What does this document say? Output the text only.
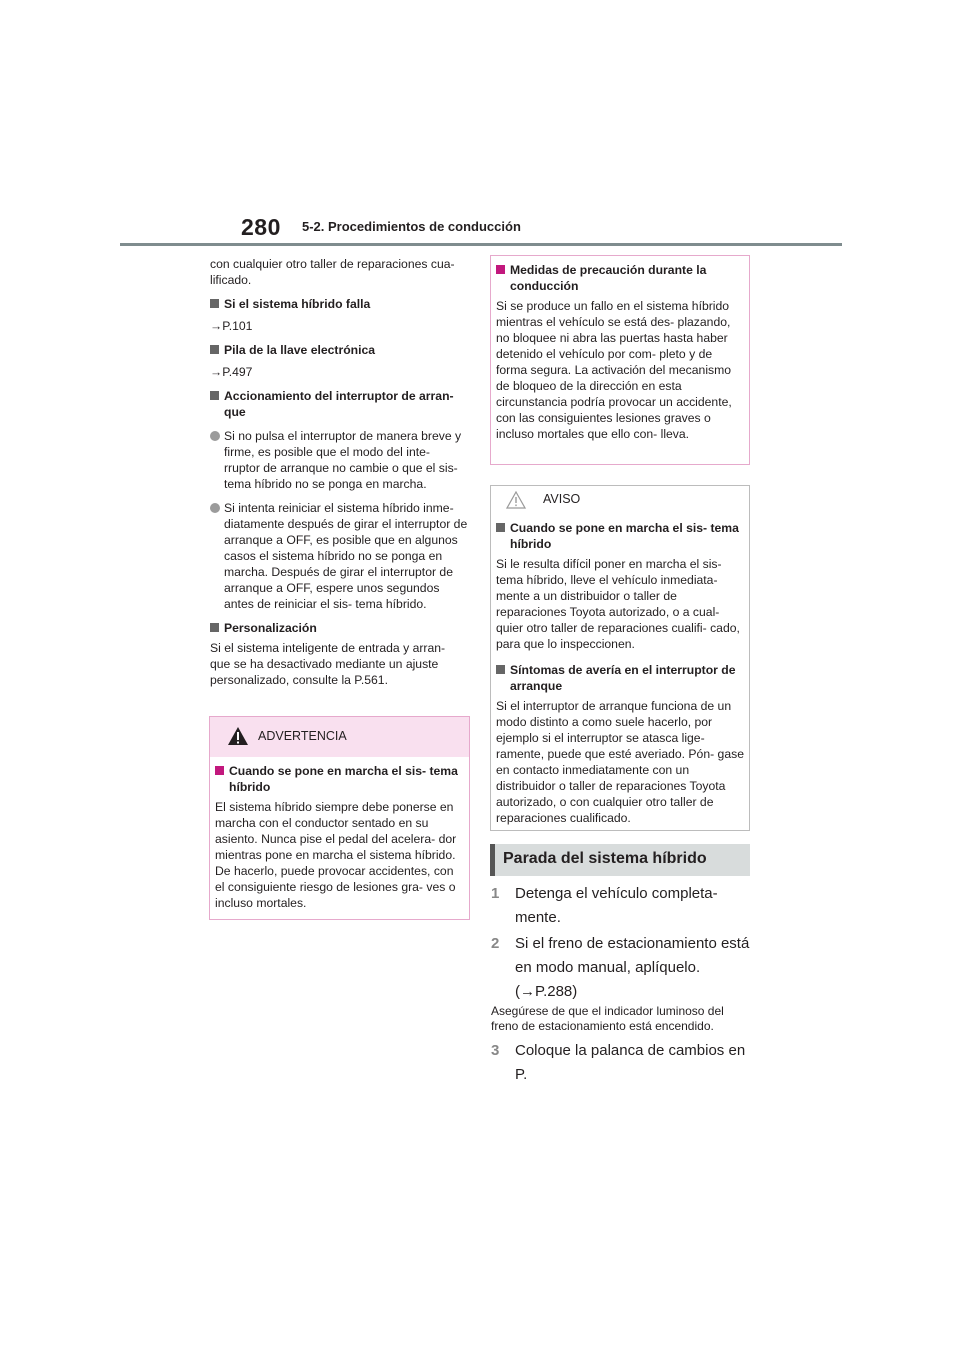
280 5-2. Procedimientos de conducción

con cualquier otro taller de reparaciones cua- lificado.

Si el sistema híbrido falla

→P.101

Pila de la llave electrónica

→P.497

Accionamiento del interruptor de arran-
que
Si no pulsa el interruptor de manera breve y firme, es posible que el modo del inte- rruptor de arranque no cambie o que el sis- tema híbrido no se ponga en marcha.
Si intenta reiniciar el sistema híbrido inme- diatamente después de girar el interruptor de arranque a OFF, es posible que en algunos casos el sistema híbrido no se ponga en marcha. Después de girar el interruptor de arranque a OFF, espere unos segundos antes de reiniciar el sis- tema híbrido.
Personalización

Si el sistema inteligente de entrada y arran- que se ha desactivado mediante un ajuste personalizado, consulte la P.561.

ADVERTENCIA
Cuando se pone en marcha el sis- tema híbrido

El sistema híbrido siempre debe ponerse en marcha con el conductor sentado en su asiento. Nunca pise el pedal del acelera- dor mientras pone en marcha el sistema híbrido.

De hacerlo, puede provocar accidentes, con el consiguiente riesgo de lesiones gra- ves o incluso mortales.

Medidas de precaución durante la conducción

Si se produce un fallo en el sistema híbrido mientras el vehículo se está des- plazando, no bloquee ni abra las puertas hasta haber detenido el vehículo por com- pleto y de forma segura. La activación del mecanismo de bloqueo de la dirección en esta circunstancia podría provocar un accidente, con las consiguientes lesiones graves o incluso mortales que ello con- lleva.

AVISO
Cuando se pone en marcha el sis- tema híbrido

Si le resulta difícil poner en marcha el sis- tema híbrido, lleve el vehículo inmediata- mente a un distribuidor o taller de reparaciones Toyota autorizado, o a cual- quier otro taller de reparaciones cualifi- cado, para que lo inspeccionen.

Síntomas de avería en el interruptor de arranque

Si el interruptor de arranque funciona de un modo distinto a como suele hacerlo, por ejemplo si el interruptor se atasca lige- ramente, puede que esté averiado. Pón- gase en contacto inmediatamente con un distribuidor o taller de reparaciones Toyota autorizado, o con cualquier otro taller de reparaciones cualificado.

Parada del sistema híbrido
1	Detenga el vehículo completa- mente.
2	Si el freno de estacionamiento está en modo manual, aplíquelo. (→P.288)
Asegúrese de que el indicador luminoso del freno de estacionamiento está encendido.
3	Coloque la palanca de cambios en P.
